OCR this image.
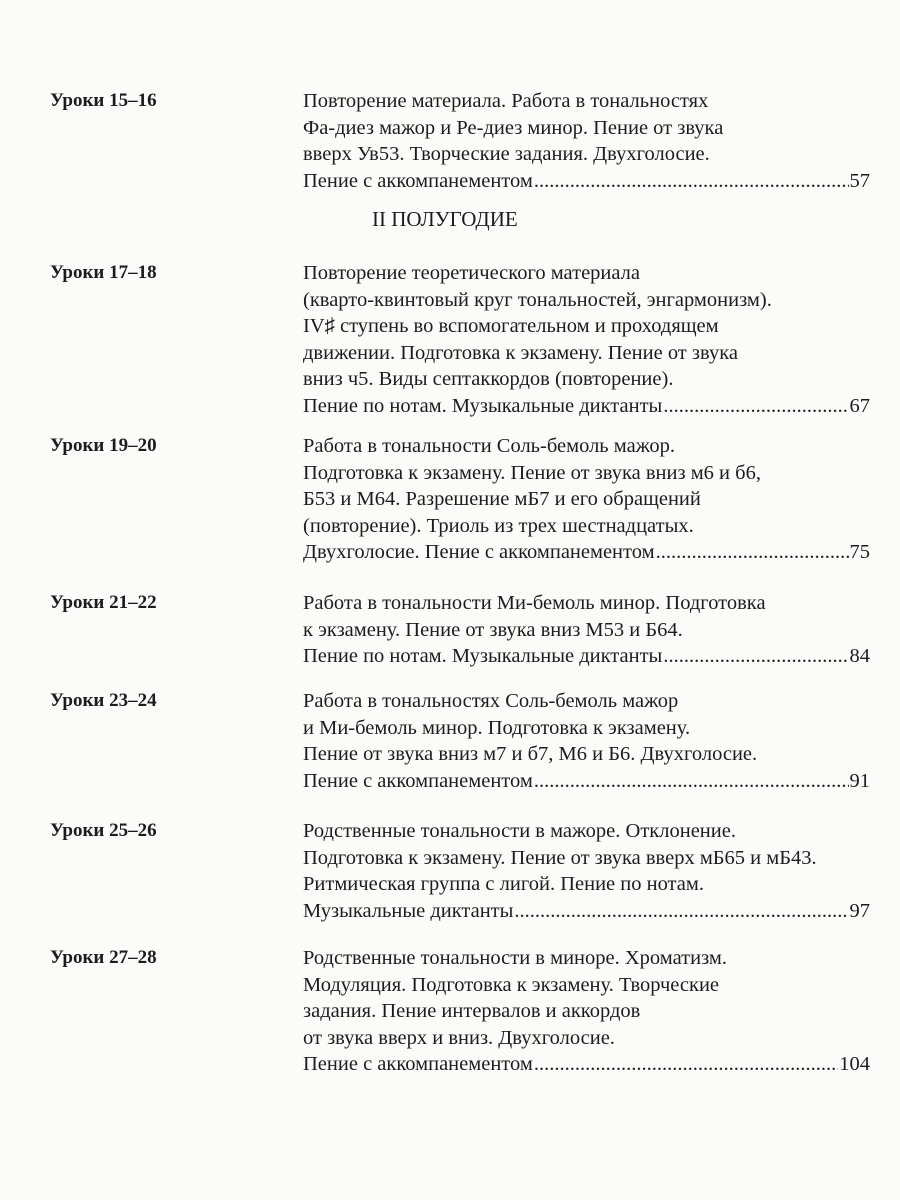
II ПОЛУГОДИЕ
Уроки 15–16	Повторение материала. Работа в тональностях
Фа-диез мажор и Ре-диез минор. Пение от звука
вверх Ув53. Творческие задания. Двухголосие.
Пение с аккомпанементом .....	57
Уроки 17–18	Повторение теоретического материала
(кварто-квинтовый круг тональностей, энгармонизм).
IV♯ ступень во вспомогательном и проходящем
движении. Подготовка к экзамену. Пение от звука
вниз ч5. Виды септаккордов (повторение).
Пение по нотам. Музыкальные диктанты .....	67
Уроки 19–20	Работа в тональности Соль-бемоль мажор.
Подготовка к экзамену. Пение от звука вниз м6 и б6,
Б53 и М64. Разрешение мБ7 и его обращений
(повторение). Триоль из трех шестнадцатых.
Двухголосие. Пение с аккомпанементом .....	75
Уроки 21–22	Работа в тональности Ми-бемоль минор. Подготовка
к экзамену. Пение от звука вниз М53 и Б64.
Пение по нотам. Музыкальные диктанты .....	84
Уроки 23–24	Работа в тональностях Соль-бемоль мажор
и Ми-бемоль минор. Подготовка к экзамену.
Пение от звука вниз м7 и б7, М6 и Б6. Двухголосие.
Пение с аккомпанементом .....	91
Уроки 25–26	Родственные тональности в мажоре. Отклонение.
Подготовка к экзамену. Пение от звука вверх мБ65 и мБ43.
Ритмическая группа с лигой. Пение по нотам.
Музыкальные диктанты .....	97
Уроки 27–28	Родственные тональности в миноре. Хроматизм.
Модуляция. Подготовка к экзамену. Творческие
задания. Пение интервалов и аккордов
от звука вверх и вниз. Двухголосие.
Пение с аккомпанементом .....	104
